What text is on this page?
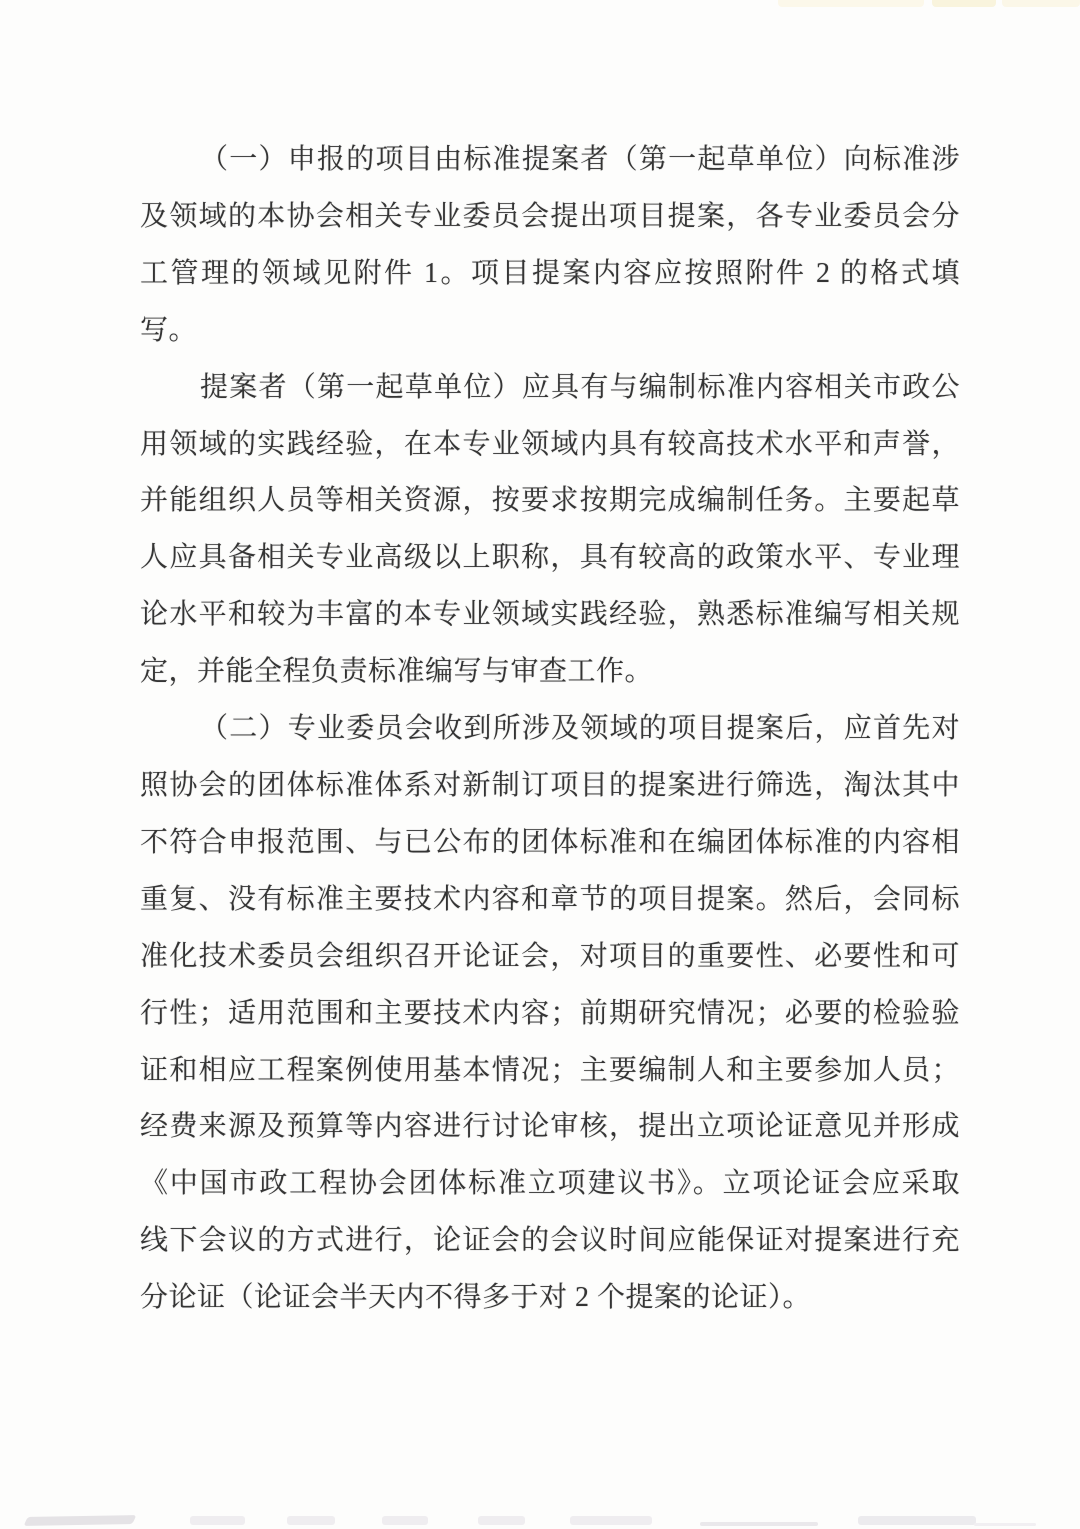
（一）申报的项目由标准提案者（第一起草单位）向标准涉
及领域的本协会相关专业委员会提出项目提案，各专业委员会分
工管理的领域见附件 1。项目提案内容应按照附件 2 的格式填
写。
提案者（第一起草单位）应具有与编制标准内容相关市政公
用领域的实践经验，在本专业领域内具有较高技术水平和声誉，
并能组织人员等相关资源，按要求按期完成编制任务。主要起草
人应具备相关专业高级以上职称，具有较高的政策水平、专业理
论水平和较为丰富的本专业领域实践经验，熟悉标准编写相关规
定，并能全程负责标准编写与审查工作。
（二）专业委员会收到所涉及领域的项目提案后，应首先对
照协会的团体标准体系对新制订项目的提案进行筛选，淘汰其中
不符合申报范围、与已公布的团体标准和在编团体标准的内容相
重复、没有标准主要技术内容和章节的项目提案。然后，会同标
准化技术委员会组织召开论证会，对项目的重要性、必要性和可
行性；适用范围和主要技术内容；前期研究情况；必要的检验验
证和相应工程案例使用基本情况；主要编制人和主要参加人员；
经费来源及预算等内容进行讨论审核，提出立项论证意见并形成
《中国市政工程协会团体标准立项建议书》。立项论证会应采取
线下会议的方式进行，论证会的会议时间应能保证对提案进行充
分论证（论证会半天内不得多于对 2 个提案的论证）。
